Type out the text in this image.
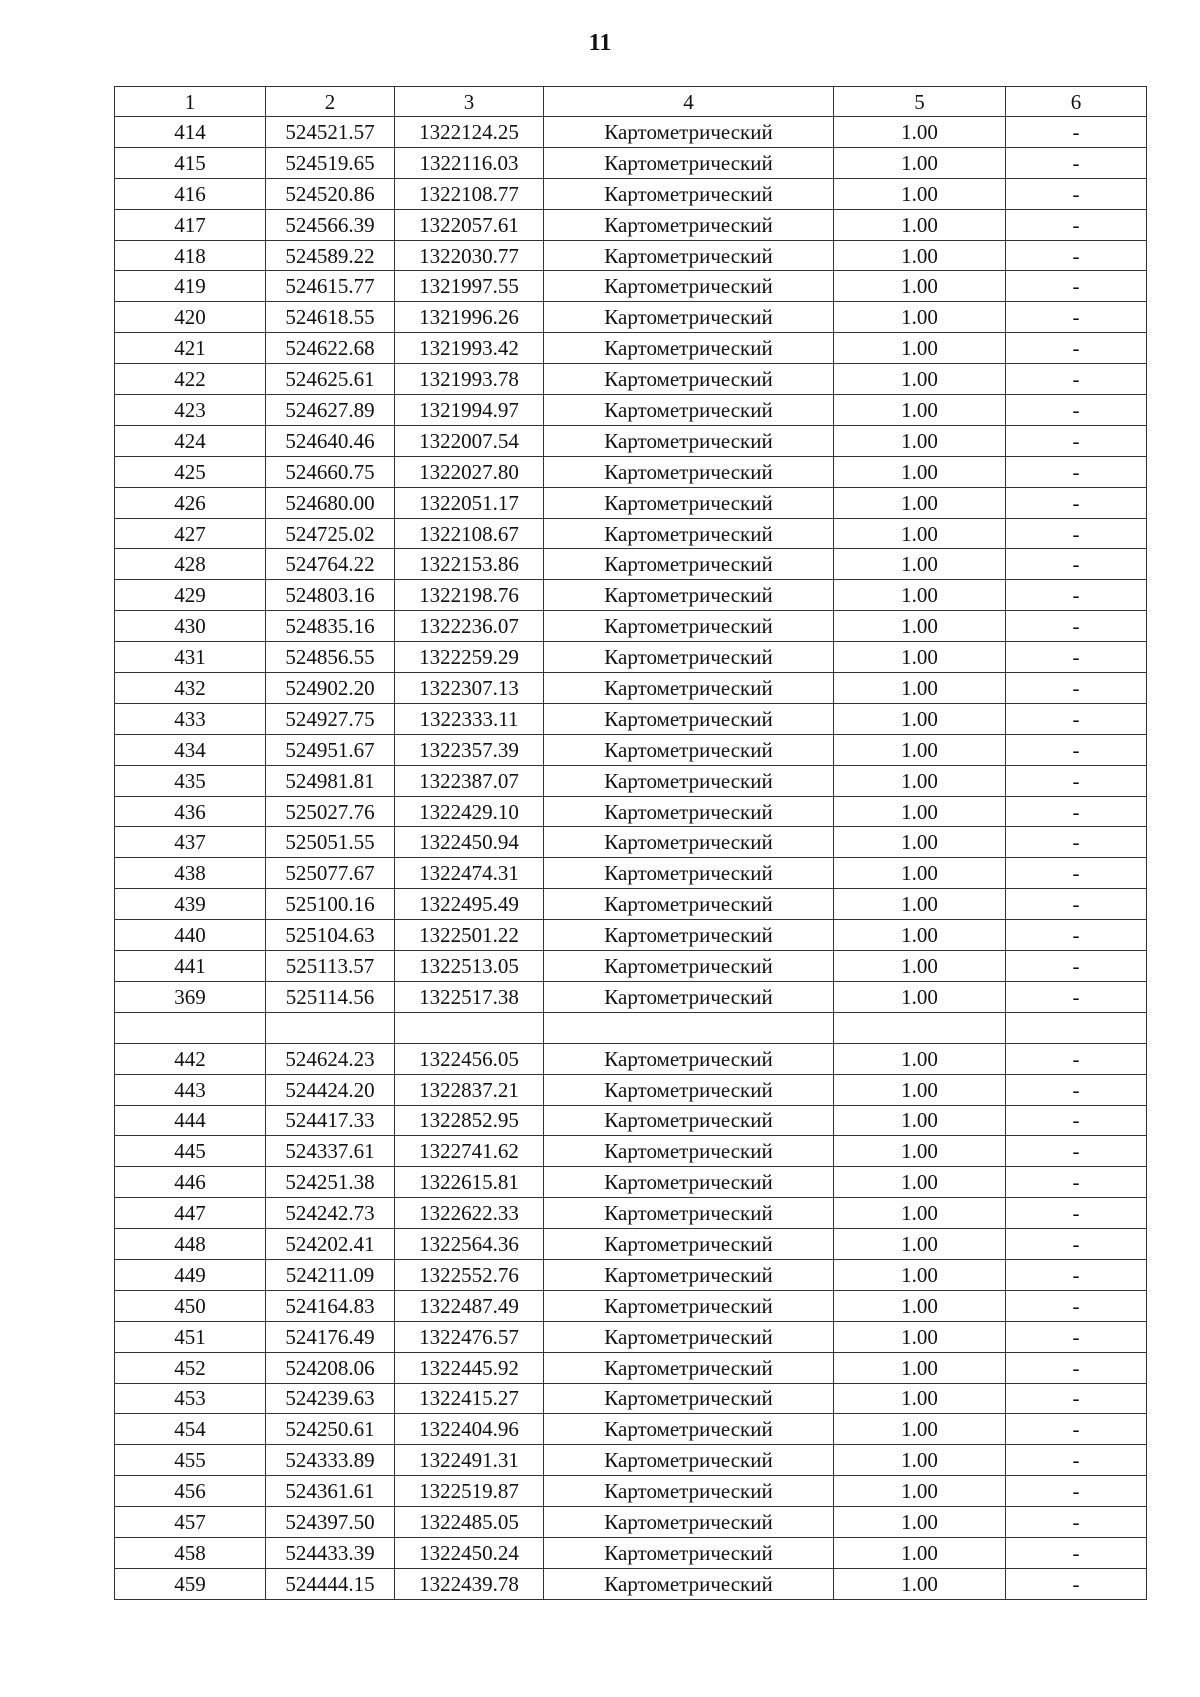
11
1	2	3	4	5	6
414	524521.57	1322124.25	Картометрический	1.00	-
415	524519.65	1322116.03	Картометрический	1.00	-
416	524520.86	1322108.77	Картометрический	1.00	-
417	524566.39	1322057.61	Картометрический	1.00	-
418	524589.22	1322030.77	Картометрический	1.00	-
419	524615.77	1321997.55	Картометрический	1.00	-
420	524618.55	1321996.26	Картометрический	1.00	-
421	524622.68	1321993.42	Картометрический	1.00	-
422	524625.61	1321993.78	Картометрический	1.00	-
423	524627.89	1321994.97	Картометрический	1.00	-
424	524640.46	1322007.54	Картометрический	1.00	-
425	524660.75	1322027.80	Картометрический	1.00	-
426	524680.00	1322051.17	Картометрический	1.00	-
427	524725.02	1322108.67	Картометрический	1.00	-
428	524764.22	1322153.86	Картометрический	1.00	-
429	524803.16	1322198.76	Картометрический	1.00	-
430	524835.16	1322236.07	Картометрический	1.00	-
431	524856.55	1322259.29	Картометрический	1.00	-
432	524902.20	1322307.13	Картометрический	1.00	-
433	524927.75	1322333.11	Картометрический	1.00	-
434	524951.67	1322357.39	Картометрический	1.00	-
435	524981.81	1322387.07	Картометрический	1.00	-
436	525027.76	1322429.10	Картометрический	1.00	-
437	525051.55	1322450.94	Картометрический	1.00	-
438	525077.67	1322474.31	Картометрический	1.00	-
439	525100.16	1322495.49	Картометрический	1.00	-
440	525104.63	1322501.22	Картометрический	1.00	-
441	525113.57	1322513.05	Картометрический	1.00	-
369	525114.56	1322517.38	Картометрический	1.00	-

442	524624.23	1322456.05	Картометрический	1.00	-
443	524424.20	1322837.21	Картометрический	1.00	-
444	524417.33	1322852.95	Картометрический	1.00	-
445	524337.61	1322741.62	Картометрический	1.00	-
446	524251.38	1322615.81	Картометрический	1.00	-
447	524242.73	1322622.33	Картометрический	1.00	-
448	524202.41	1322564.36	Картометрический	1.00	-
449	524211.09	1322552.76	Картометрический	1.00	-
450	524164.83	1322487.49	Картометрический	1.00	-
451	524176.49	1322476.57	Картометрический	1.00	-
452	524208.06	1322445.92	Картометрический	1.00	-
453	524239.63	1322415.27	Картометрический	1.00	-
454	524250.61	1322404.96	Картометрический	1.00	-
455	524333.89	1322491.31	Картометрический	1.00	-
456	524361.61	1322519.87	Картометрический	1.00	-
457	524397.50	1322485.05	Картометрический	1.00	-
458	524433.39	1322450.24	Картометрический	1.00	-
459	524444.15	1322439.78	Картометрический	1.00	-
